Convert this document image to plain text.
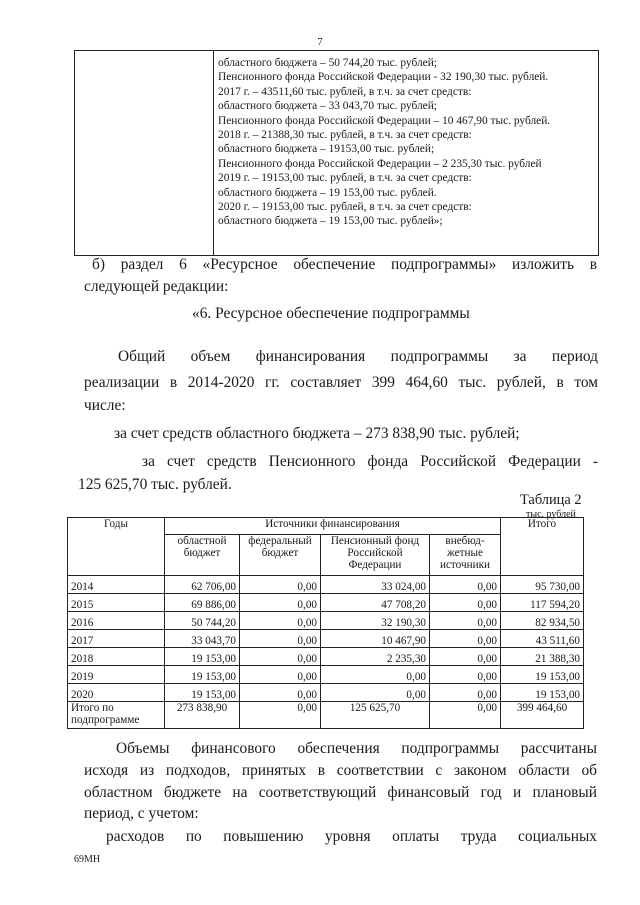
7
областного бюджета – 50 744,20 тыс. рублей;
Пенсионного фонда Российской Федерации - 32 190,30 тыс. рублей.
2017 г. – 43511,60 тыс. рублей, в т.ч. за счет средств:
областного бюджета – 33 043,70 тыс. рублей;
Пенсионного фонда Российской Федерации – 10 467,90 тыс. рублей.
2018 г. – 21388,30 тыс. рублей, в т.ч. за счет средств:
областного бюджета – 19153,00 тыс. рублей;
Пенсионного фонда Российской Федерации – 2 235,30 тыс. рублей
2019 г. – 19153,00 тыс. рублей, в т.ч. за счет средств:
областного бюджета – 19 153,00 тыс. рублей.
2020 г. – 19153,00 тыс. рублей, в т.ч. за счет средств:
областного бюджета – 19 153,00 тыс. рублей»;
б) раздел 6 «Ресурсное обеспечение подпрограммы» изложить в
следующей редакции:
«6. Ресурсное обеспечение подпрограммы
Общий объем финансирования подпрограммы за период
реализации в 2014-2020 гг. составляет 399 464,60 тыс. рублей, в том
числе:
за счет средств областного бюджета – 273 838,90 тыс. рублей;
за счет средств Пенсионного фонда Российской Федерации -
125 625,70 тыс. рублей.
Таблица 2
тыс. рублей
Годы	Источники финансирования				Итого
	областной бюджет	федеральный бюджет	Пенсионный фонд Российской Федерации	внебюд-жетные источники	
2014	62 706,00	0,00	33 024,00	0,00	95 730,00
2015	69 886,00	0,00	47 708,20	0,00	117 594,20
2016	50 744,20	0,00	32 190,30	0,00	82 934,50
2017	33 043,70	0,00	10 467,90	0,00	43 511,60
2018	19 153,00	0,00	2 235,30	0,00	21 388,30
2019	19 153,00	0,00	0,00	0,00	19 153,00
2020	19 153,00	0,00	0,00	0,00	19 153,00
Итого по подпрограмме	273 838,90	0,00	125 625,70	0,00	399 464,60
Объемы финансового обеспечения подпрограммы рассчитаны
исходя из подходов, принятых в соответствии с законом области об
областном бюджете на соответствующий финансовый год и плановый
период, с учетом:
расходов по повышению уровня оплаты труда социальных
69МН
